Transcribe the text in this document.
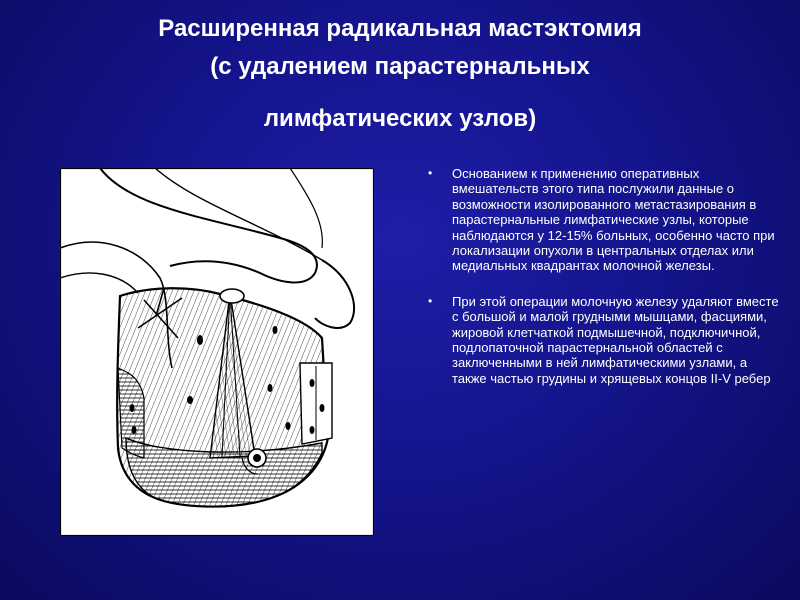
Расширенная радикальная мастэктомия
(с удалением парастернальных
лимфатических узлов)
• Основанием к применению оперативных вмешательств этого типа послужили данные о возможности изолированного метастазирования в парастернальные лимфатические узлы, которые наблюдаются у 12-15% больных, особенно часто при локализации опухоли в центральных отделах или медиальных квадрантах молочной железы.
• При этой операции молочную железу удаляют вместе с большой и малой грудными мышцами, фасциями, жировой клетчаткой подмышечной, подключичной, подлопаточной парастернальной областей с заключенными в ней лимфатическими узлами, а также частью грудины и хрящевых концов II-V ребер
